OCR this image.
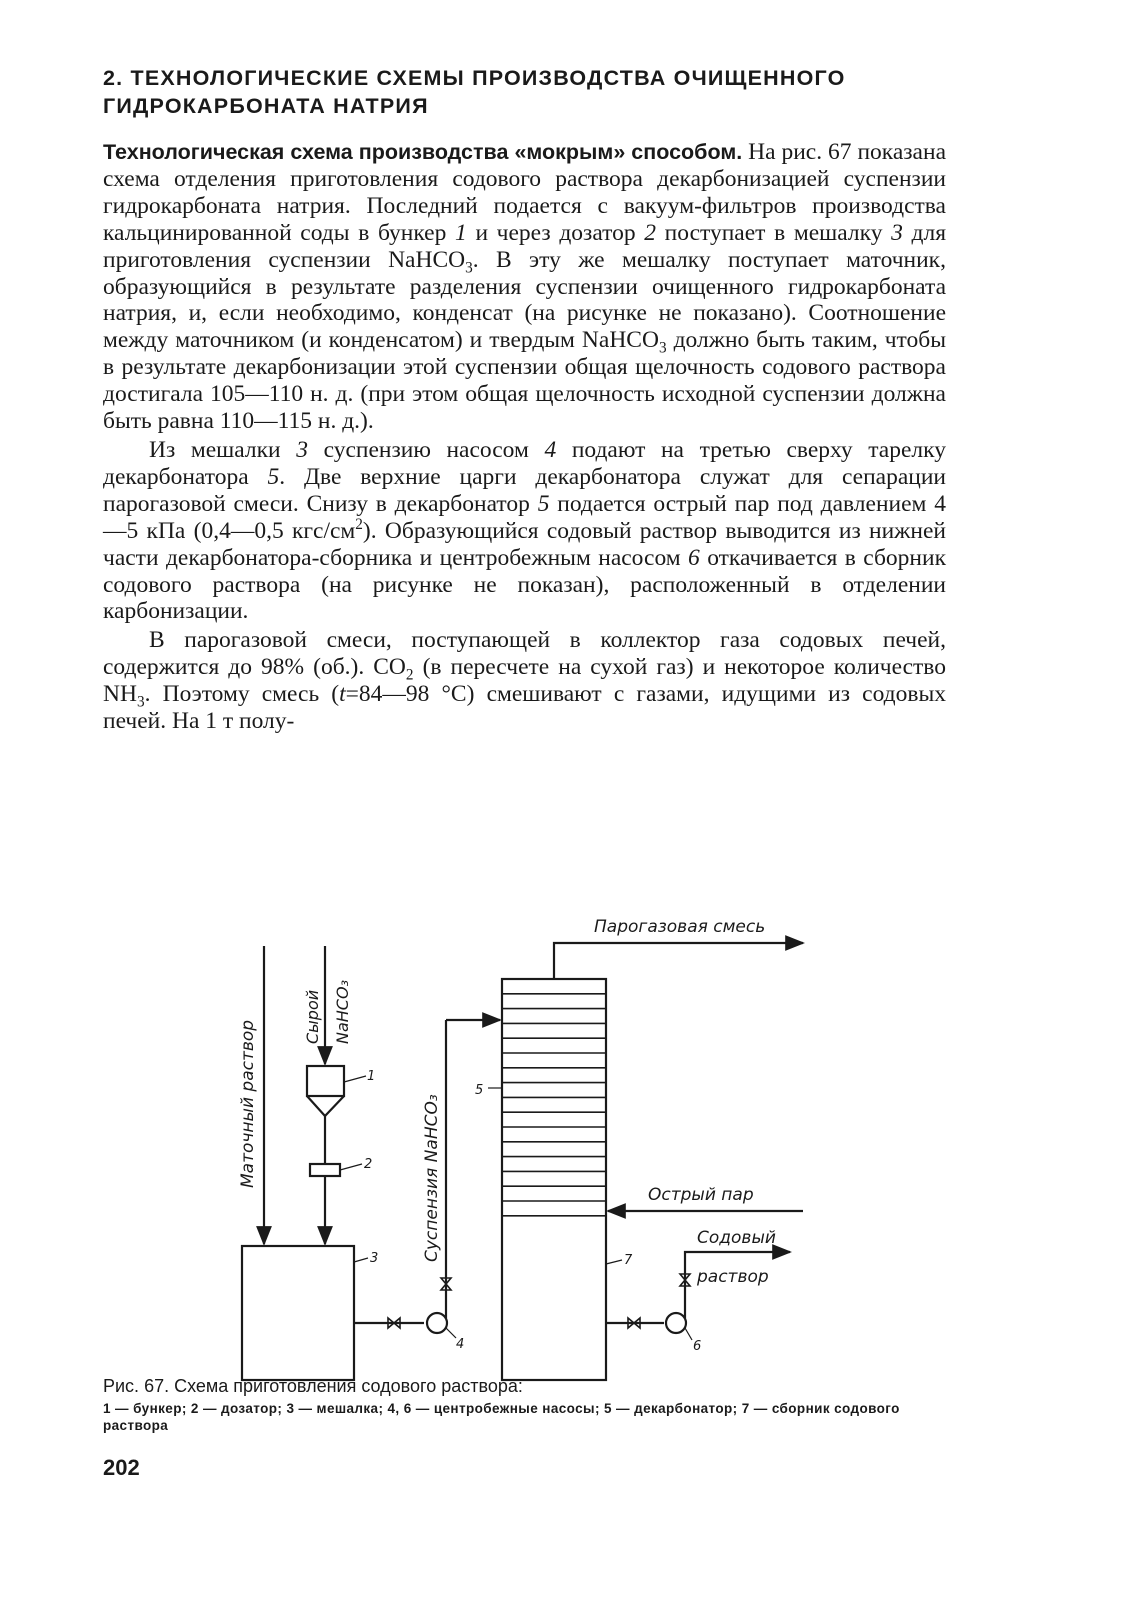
2. ТЕХНОЛОГИЧЕСКИЕ СХЕМЫ ПРОИЗВОДСТВА ОЧИЩЕННОГО
ГИДРОКАРБОНАТА НАТРИЯ

Технологическая схема производства «мокрым» способом. На рис. 67 показана схема отделения приготовления содового раствора декарбонизацией суспензии гидрокарбоната натрия. Последний подается с вакуум-фильтров производства кальцинированной соды в бункер 1 и через дозатор 2 поступает в мешалку 3 для приготовления суспензии NaHCO$_3$. В эту же мешалку поступает маточник, образующийся в результате разделения суспензии очищенного гидрокарбоната натрия, и, если необходимо, конденсат (на рисунке не показано). Соотношение между маточником (и конденсатом) и твердым NaHCO$_3$ должно быть таким, чтобы в результате декарбонизации этой суспензии общая щелочность содового раствора достигала 105—110 н. д. (при этом общая щелочность исходной суспензии должна быть равна 110—115 н. д.).

Из мешалки 3 суспензию насосом 4 подают на третью сверху тарелку декарбонатора 5. Две верхние царги декарбонатора служат для сепарации парогазовой смеси. Снизу в декарбонатор 5 подается острый пар под давлением 4—5 кПа (0,4—0,5 кгс/$см^2$). Образующийся содовый раствор выводится из нижней части декарбонатора-сборника и центробежным насосом 6 откачивается в сборник содового раствора (на рисунке не показан), расположенный в отделении карбонизации.

В парогазовой смеси, поступающей в коллектор газа содовых печей, содержится до 98% (об.). $CO_2$ (в пересчете на сухой газ) и некоторое количество $NH_3$. Поэтому смесь (t=84—98 °C) смешивают с газами, идущими из содовых печей. На 1 т полу-

Парогазовая смесь
Маточный раствор
Сырой NaHCO₃
Суспензия NaHCO₃	Острый пар
Содовый
раствор
1
2
3
4
5
6
7

Рис. 67. Схема приготовления содового раствора:

1 — бункер; 2 — дозатор; 3 — мешалка; 4, 6 — центробежные насосы; 5 — декарбонатор; 7 — сборник содового раствора

202
